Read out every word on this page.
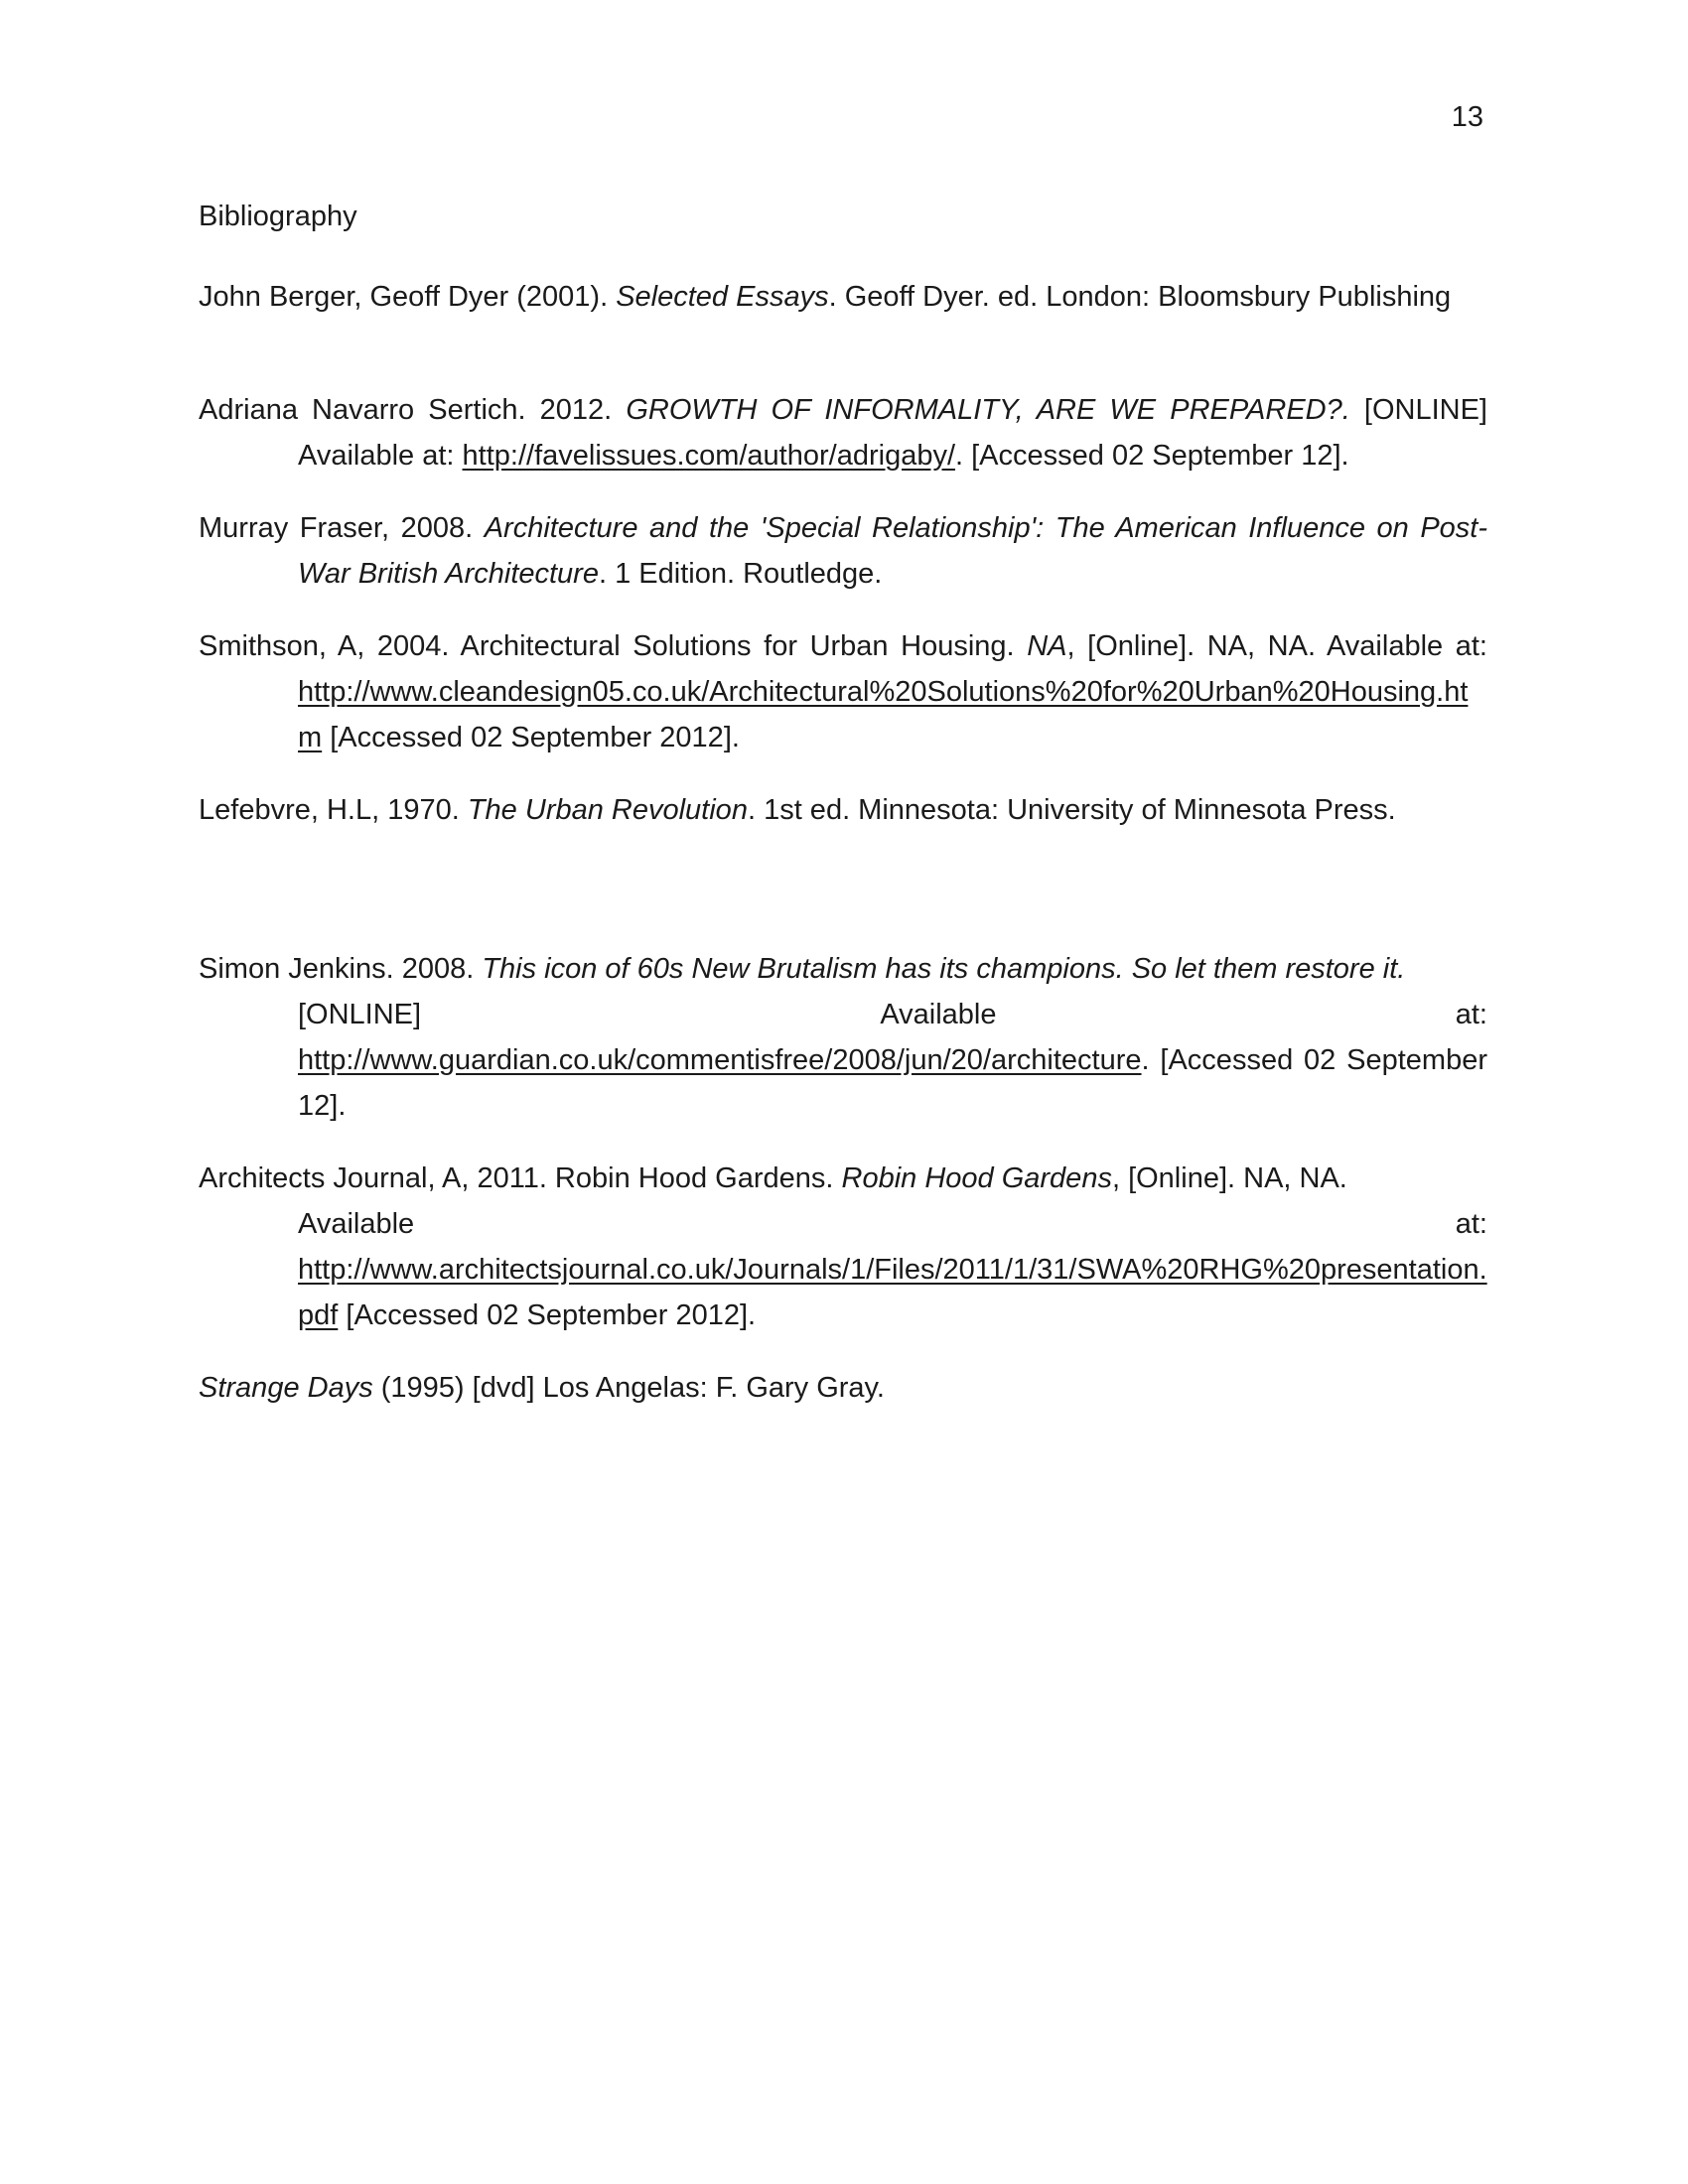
13
Bibliography

John Berger, Geoff Dyer (2001). Selected Essays. Geoff Dyer. ed. London: Bloomsbury Publishing

Adriana Navarro Sertich. 2012. GROWTH OF INFORMALITY, ARE WE PREPARED?. [ONLINE] Available at: http://favelissues.com/author/adrigaby/. [Accessed 02 September 12].

Murray Fraser, 2008. Architecture and the 'Special Relationship': The American Influence on Post-War British Architecture. 1 Edition. Routledge.

Smithson, A, 2004. Architectural Solutions for Urban Housing. NA, [Online]. NA, NA. Available at: http://www.cleandesign05.co.uk/Architectural%20Solutions%20for%20Urban%20Housing.htm [Accessed 02 September 2012].

Lefebvre, H.L, 1970. The Urban Revolution. 1st ed. Minnesota: University of Minnesota Press.

Simon Jenkins. 2008. This icon of 60s New Brutalism has its champions. So let them restore it.
[ONLINE]	Available	at:
http://www.guardian.co.uk/commentisfree/2008/jun/20/architecture. [Accessed 02 September 12].
Architects Journal, A, 2011. Robin Hood Gardens. Robin Hood Gardens, [Online]. NA, NA.
Available	at:
http://www.architectsjournal.co.uk/Journals/1/Files/2011/1/31/SWA%20RHG%20presentation.pdf [Accessed 02 September 2012].

Strange Days (1995) [dvd] Los Angelas: F. Gary Gray.
